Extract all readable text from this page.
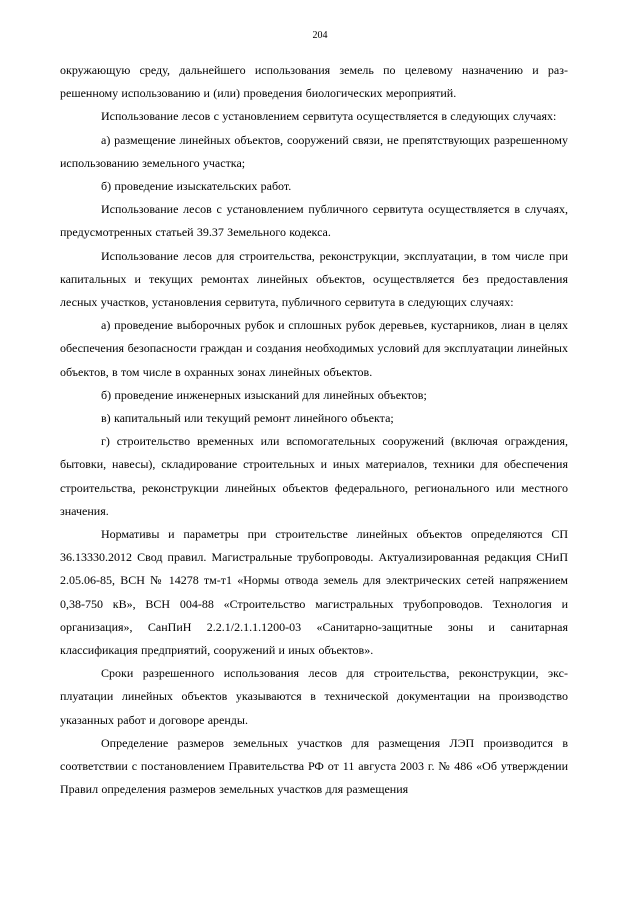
204

окружающую среду, дальнейшего использования земель по целевому назначению и разрешенному использованию и (или) проведения биологических мероприятий.

Использование лесов с установлением сервитута осуществляется в следующих случаях:

а) размещение линейных объектов, сооружений связи, не препятствующих разрешенному использованию земельного участка;

б) проведение изыскательских работ.

Использование лесов с установлением публичного сервитута осуществляется в случаях, предусмотренных статьей 39.37 Земельного кодекса.

Использование лесов для строительства, реконструкции, эксплуатации, в том числе при капитальных и текущих ремонтах линейных объектов, осуществляется без предоставления лесных участков, установления сервитута, публичного сервитута в следующих случаях:

а) проведение выборочных рубок и сплошных рубок деревьев, кустарников, лиан в целях обеспечения безопасности граждан и создания необходимых условий для эксплуатации линейных объектов, в том числе в охранных зонах линейных объектов.

б) проведение инженерных изысканий для линейных объектов;

в) капитальный или текущий ремонт линейного объекта;

г) строительство временных или вспомогательных сооружений (включая ограждения, бытовки, навесы), складирование строительных и иных материалов, техники для обеспечения строительства, реконструкции линейных объектов федерального, регионального или местного значения.

Нормативы и параметры при строительстве линейных объектов определяются СП 36.13330.2012 Свод правил. Магистральные трубопроводы. Актуализированная редакция СНиП 2.05.06-85, ВСН № 14278 тм-т1 «Нормы отвода земель для электрических сетей напряжением 0,38-750 кВ», ВСН 004-88 «Строительство магистральных трубопроводов. Технология и организация», СанПиН 2.2.1/2.1.1.1200-03 «Санитарно-защитные зоны и санитарная классификация предприятий, сооружений и иных объектов».

Сроки разрешенного использования лесов для строительства, реконструкции, эксплуатации линейных объектов указываются в технической документации на производство указанных работ и договоре аренды.

Определение размеров земельных участков для размещения ЛЭП производится в соответствии с постановлением Правительства РФ от 11 августа 2003 г. № 486 «Об утверждении Правил определения размеров земельных участков для размещения
